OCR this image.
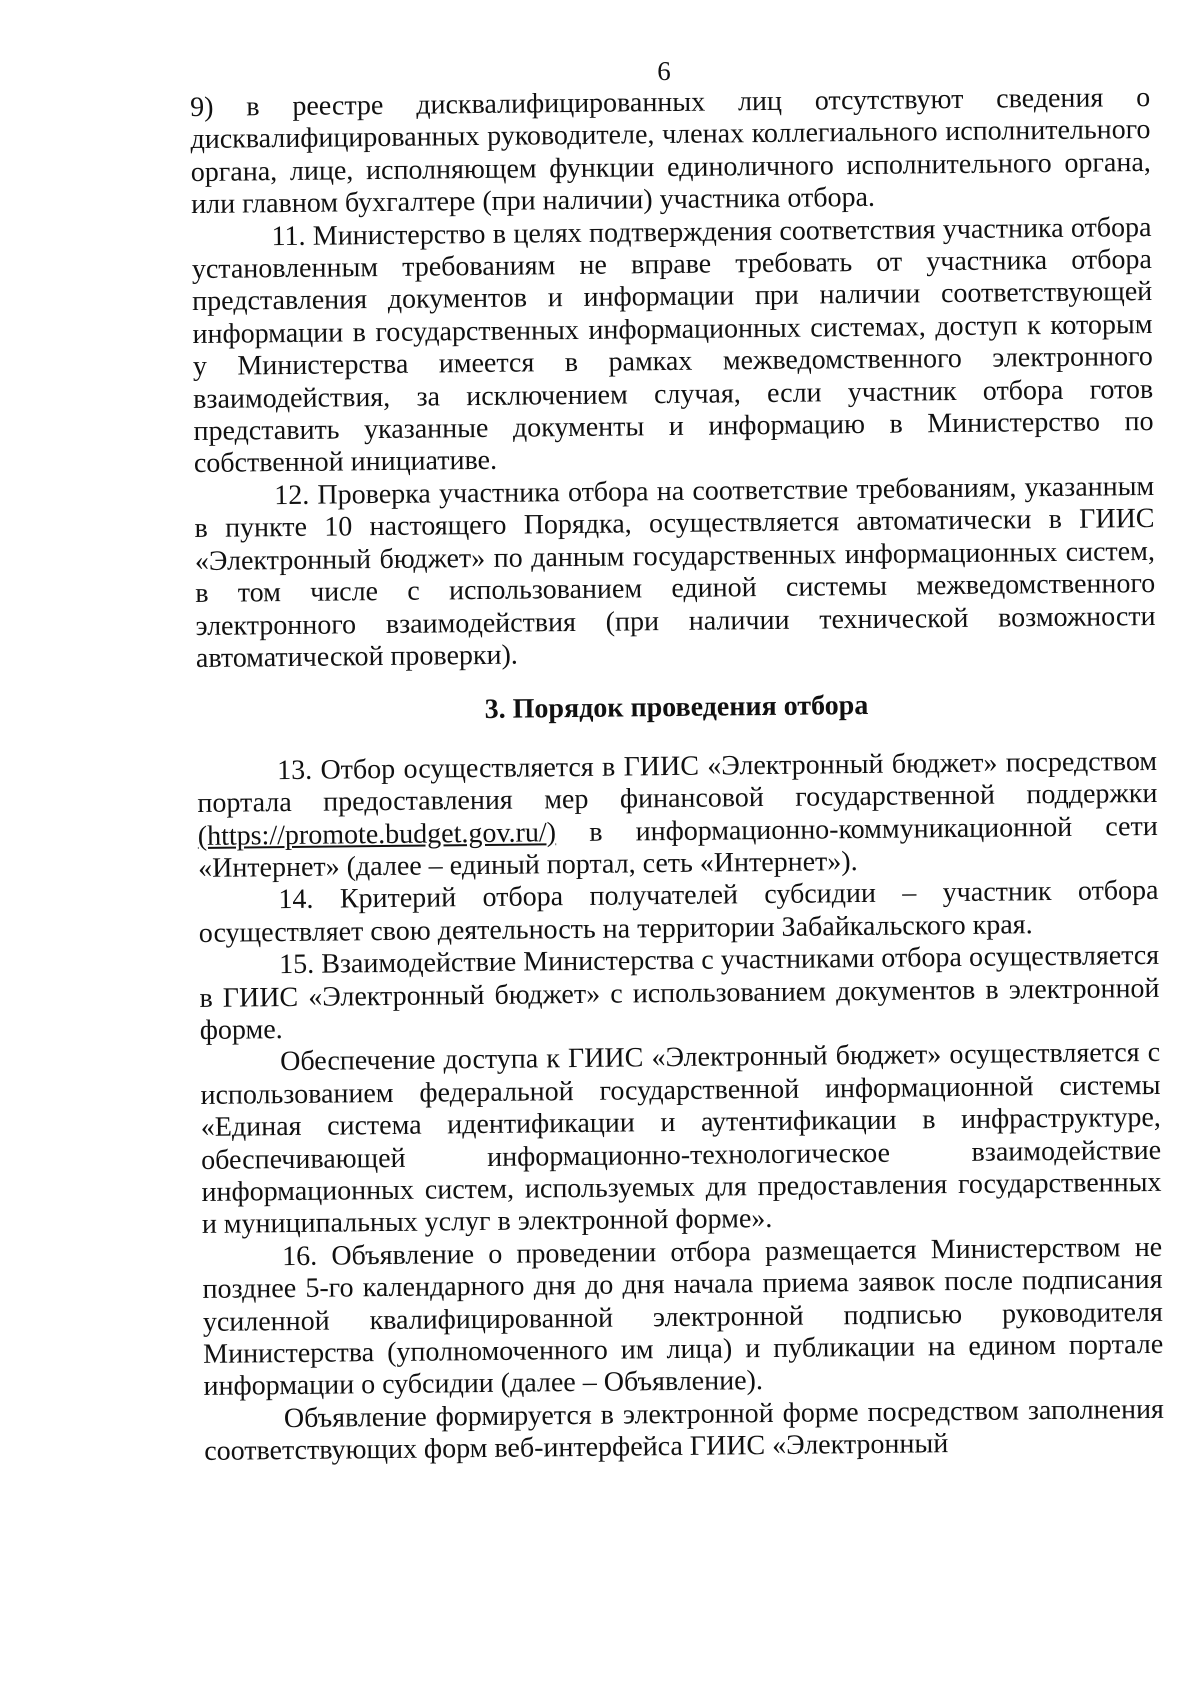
6

9) в реестре дисквалифицированных лиц отсутствуют сведения о дисквалифицированных руководителе, членах коллегиального исполнительного органа, лице, исполняющем функции единоличного исполнительного органа, или главном бухгалтере (при наличии) участника отбора.

11. Министерство в целях подтверждения соответствия участника отбора установленным требованиям не вправе требовать от участника отбора представления документов и информации при наличии соответствующей информации в государственных информационных системах, доступ к которым у Министерства имеется в рамках межведомственного электронного взаимодействия, за исключением случая, если участник отбора готов представить указанные документы и информацию в Министерство по собственной инициативе.

12. Проверка участника отбора на соответствие требованиям, указанным в пункте 10 настоящего Порядка, осуществляется автоматически в ГИИС «Электронный бюджет» по данным государственных информационных систем, в том числе с использованием единой системы межведомственного электронного взаимодействия (при наличии технической возможности автоматической проверки).

3. Порядок проведения отбора

13. Отбор осуществляется в ГИИС «Электронный бюджет» посредством портала предоставления мер финансовой государственной поддержки (https://promote.budget.gov.ru/) в информационно-коммуникационной сети «Интернет» (далее – единый портал, сеть «Интернет»).

14. Критерий отбора получателей субсидии – участник отбора осуществляет свою деятельность на территории Забайкальского края.

15. Взаимодействие Министерства с участниками отбора осуществляется в ГИИС «Электронный бюджет» с использованием документов в электронной форме.

Обеспечение доступа к ГИИС «Электронный бюджет» осуществляется с использованием федеральной государственной информационной системы «Единая система идентификации и аутентификации в инфраструктуре, обеспечивающей информационно-технологическое взаимодействие информационных систем, используемых для предоставления государственных и муниципальных услуг в электронной форме».

16. Объявление о проведении отбора размещается Министерством не позднее 5-го календарного дня до дня начала приема заявок после подписания усиленной квалифицированной электронной подписью руководителя Министерства (уполномоченного им лица) и публикации на едином портале информации о субсидии (далее – Объявление).

Объявление формируется в электронной форме посредством заполнения соответствующих форм веб-интерфейса ГИИС «Электронный
